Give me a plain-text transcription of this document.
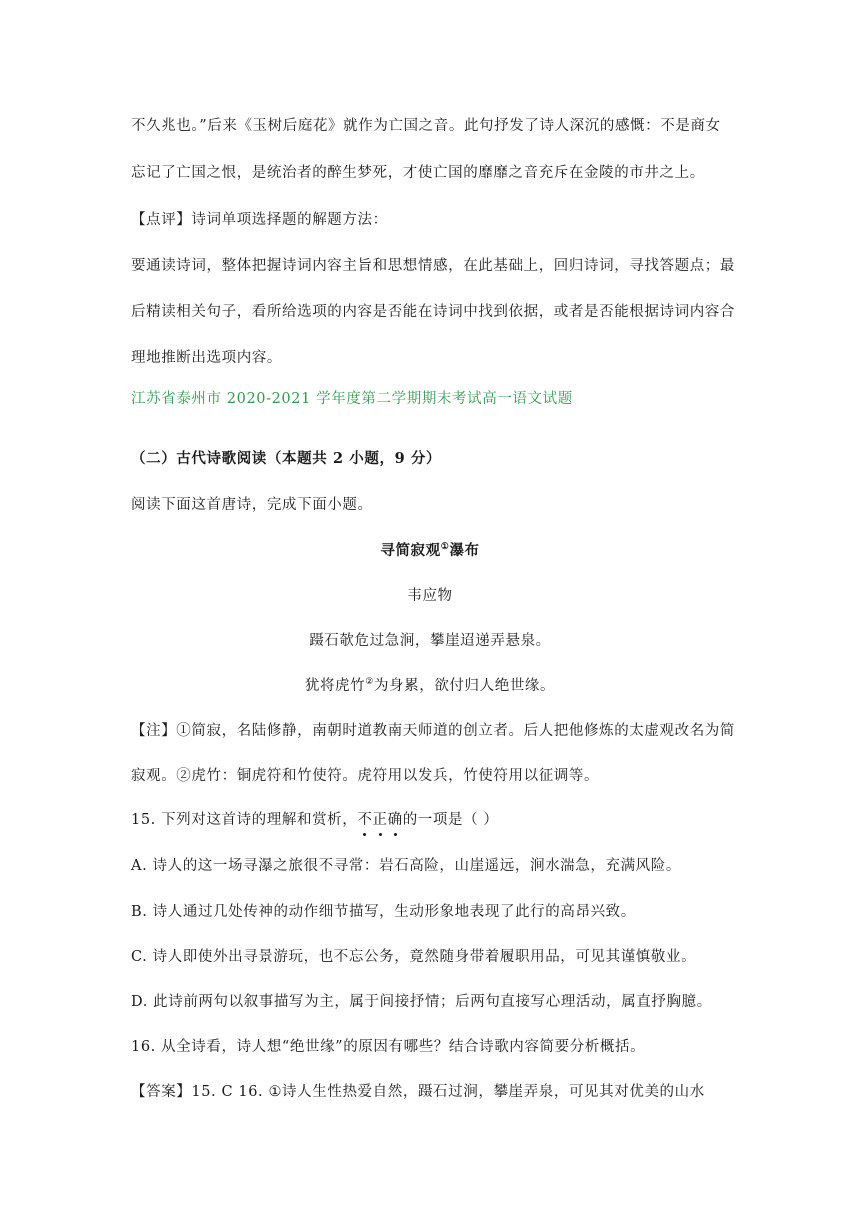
不久兆也。”后来《玉树后庭花》就作为亡国之音。此句抒发了诗人深沉的感慨：不是商女
忘记了亡国之恨，是统治者的醉生梦死，才使亡国的靡靡之音充斥在金陵的市井之上。
【点评】诗词单项选择题的解题方法：
要通读诗词，整体把握诗词内容主旨和思想情感，在此基础上，回归诗词，寻找答题点；最
后精读相关句子，看所给选项的内容是否能在诗词中找到依据，或者是否能根据诗词内容合
理地推断出选项内容。
江苏省泰州市 2020-2021 学年度第二学期期末考试高一语文试题
（二）古代诗歌阅读（本题共 2 小题，9 分）
阅读下面这首唐诗，完成下面小题。
寻简寂观①瀑布
韦应物
蹑石欹危过急涧，攀崖迢递弄悬泉。
犹将虎竹②为身累，欲付归人绝世缘。
【注】①简寂，名陆修静，南朝时道教南天师道的创立者。后人把他修炼的太虚观改名为简
寂观。②虎竹：铜虎符和竹使符。虎符用以发兵，竹使符用以征调等。
15. 下列对这首诗的理解和赏析，不正确的一项是（ ）
A. 诗人的这一场寻瀑之旅很不寻常：岩石高险，山崖遥远，涧水湍急，充满风险。
B. 诗人通过几处传神的动作细节描写，生动形象地表现了此行的高昂兴致。
C. 诗人即使外出寻景游玩，也不忘公务，竟然随身带着履职用品，可见其谨慎敬业。
D. 此诗前两句以叙事描写为主，属于间接抒情；后两句直接写心理活动，属直抒胸臆。
16. 从全诗看，诗人想“绝世缘”的原因有哪些？结合诗歌内容简要分析概括。
【答案】15. C 16. ①诗人生性热爱自然，蹑石过涧，攀崖弄泉，可见其对优美的山水
